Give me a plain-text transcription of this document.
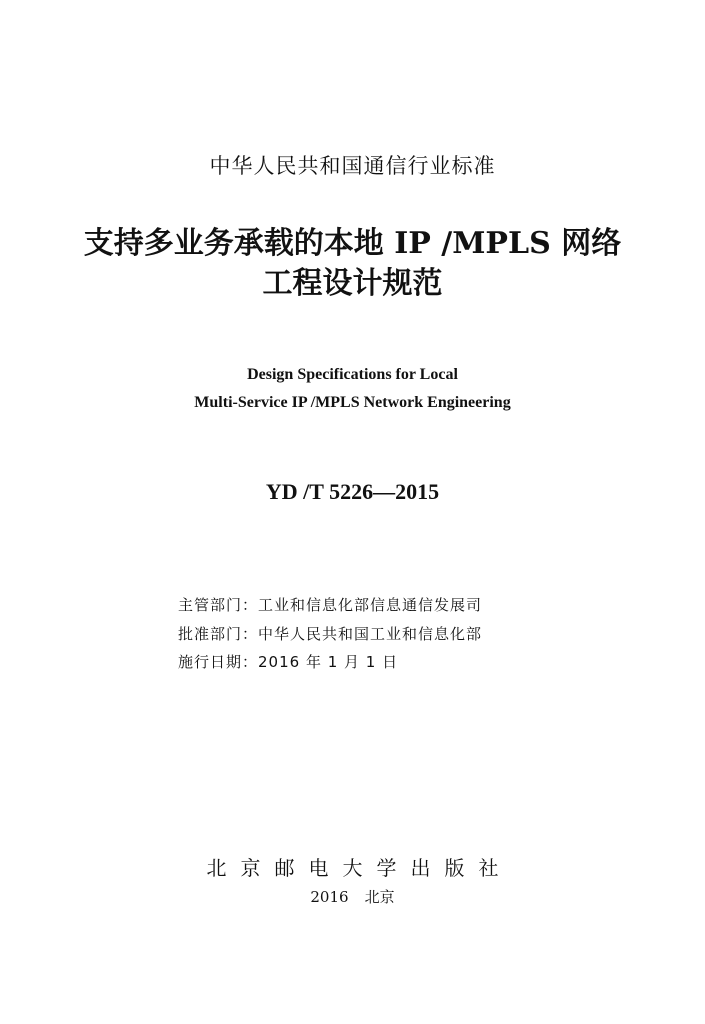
中华人民共和国通信行业标准
支持多业务承载的本地 IP /MPLS 网络
工程设计规范
Design Specifications for Local
Multi-Service IP /MPLS Network Engineering
YD /T 5226—2015
主管部门：工业和信息化部信息通信发展司
批准部门：中华人民共和国工业和信息化部
施行日期：2016 年 1 月 1 日
北京邮电大学出版社
2016 北京
